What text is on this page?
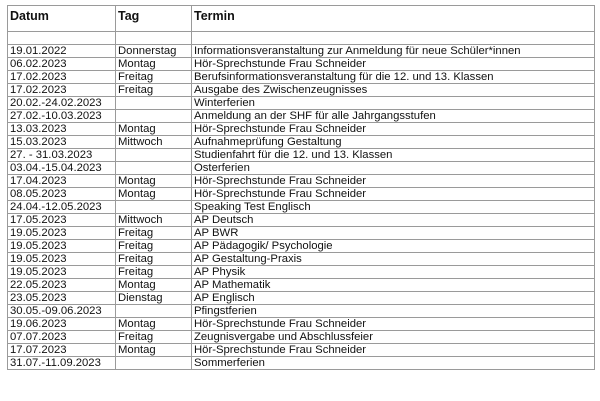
Datum	Tag	Termin

19.01.2022	Donnerstag	Informationsveranstaltung zur Anmeldung für neue Schüler*innen
06.02.2023	Montag	Hör-Sprechstunde Frau Schneider
17.02.2023	Freitag	Berufsinformationsveranstaltung für die 12. und 13. Klassen
17.02.2023	Freitag	Ausgabe des Zwischenzeugnisses
20.02.-24.02.2023		Winterferien
27.02.-10.03.2023		Anmeldung an der SHF für alle Jahrgangsstufen
13.03.2023	Montag	Hör-Sprechstunde Frau Schneider
15.03.2023	Mittwoch	Aufnahmeprüfung Gestaltung
27. - 31.03.2023		Studienfahrt für die 12. und 13. Klassen
03.04.-15.04.2023		Osterferien
17.04.2023	Montag	Hör-Sprechstunde Frau Schneider
08.05.2023	Montag	Hör-Sprechstunde Frau Schneider
24.04.-12.05.2023		Speaking Test Englisch
17.05.2023	Mittwoch	AP Deutsch
19.05.2023	Freitag	AP BWR
19.05.2023	Freitag	AP Pädagogik/ Psychologie
19.05.2023	Freitag	AP Gestaltung-Praxis
19.05.2023	Freitag	AP Physik
22.05.2023	Montag	AP Mathematik
23.05.2023	Dienstag	AP Englisch
30.05.-09.06.2023		Pfingstferien
19.06.2023	Montag	Hör-Sprechstunde Frau Schneider
07.07.2023	Freitag	Zeugnisvergabe und Abschlussfeier
17.07.2023	Montag	Hör-Sprechstunde Frau Schneider
31.07.-11.09.2023		Sommerferien
